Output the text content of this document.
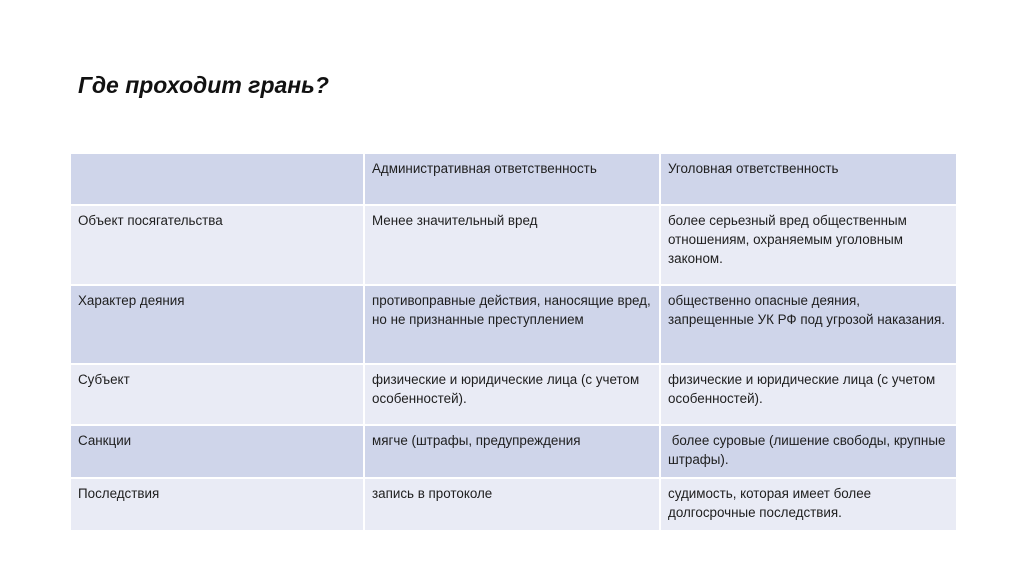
Где проходит грань?
	Административная ответственность	Уголовная ответственность
Объект посягательства	Менее значительный вред	более серьезный вред общественным отношениям, охраняемым уголовным законом.
Характер деяния	противоправные действия, наносящие вред, но не признанные преступлением	общественно опасные деяния, запрещенные УК РФ под угрозой наказания.
Субъект	физические и юридические лица (с учетом особенностей).	физические и юридические лица (с учетом особенностей).
Санкции	мягче (штрафы, предупреждения	более суровые (лишение свободы, крупные штрафы).
Последствия	запись в протоколе	судимость, которая имеет более долгосрочные последствия.
